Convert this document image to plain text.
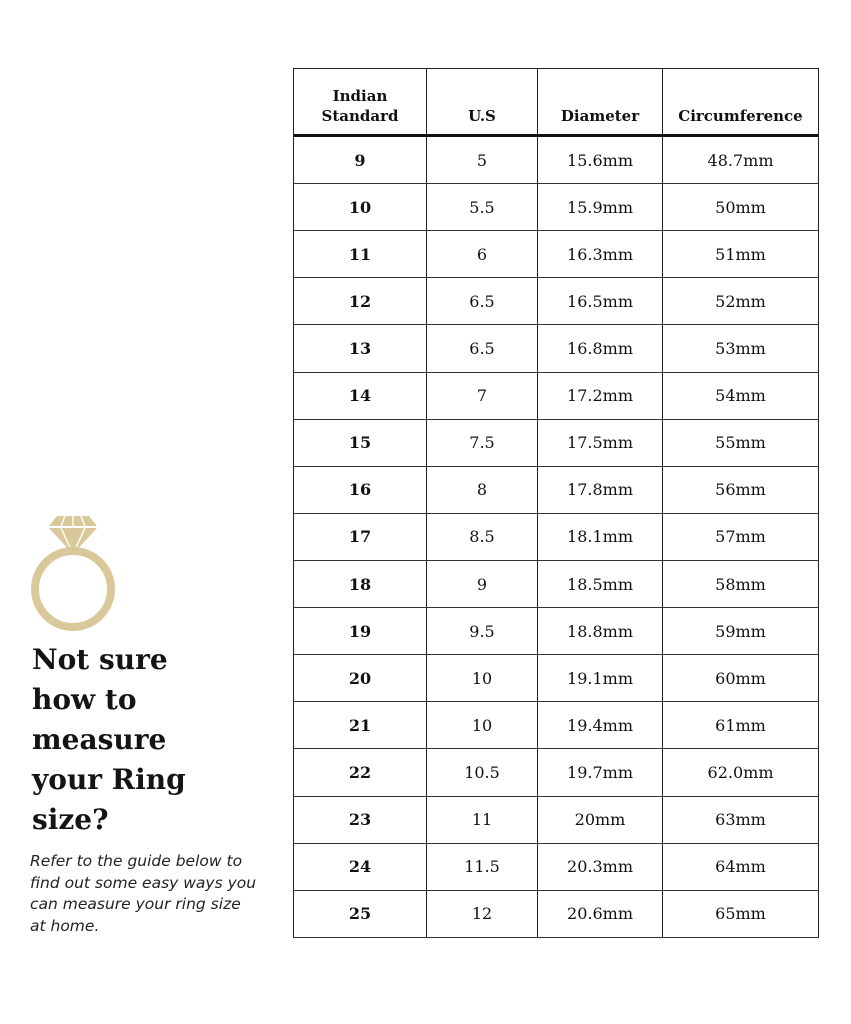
Not sure
how to
measure
your Ring
size?

Refer to the guide below to find out some easy ways you can measure your ring size at home.

Indian
Standard	U.S	Diameter	Circumference
9	5	15.6mm	48.7mm
10	5.5	15.9mm	50mm
11	6	16.3mm	51mm
12	6.5	16.5mm	52mm
13	6.5	16.8mm	53mm
14	7	17.2mm	54mm
15	7.5	17.5mm	55mm
16	8	17.8mm	56mm
17	8.5	18.1mm	57mm
18	9	18.5mm	58mm
19	9.5	18.8mm	59mm
20	10	19.1mm	60mm
21	10	19.4mm	61mm
22	10.5	19.7mm	62.0mm
23	11	20mm	63mm
24	11.5	20.3mm	64mm
25	12	20.6mm	65mm
